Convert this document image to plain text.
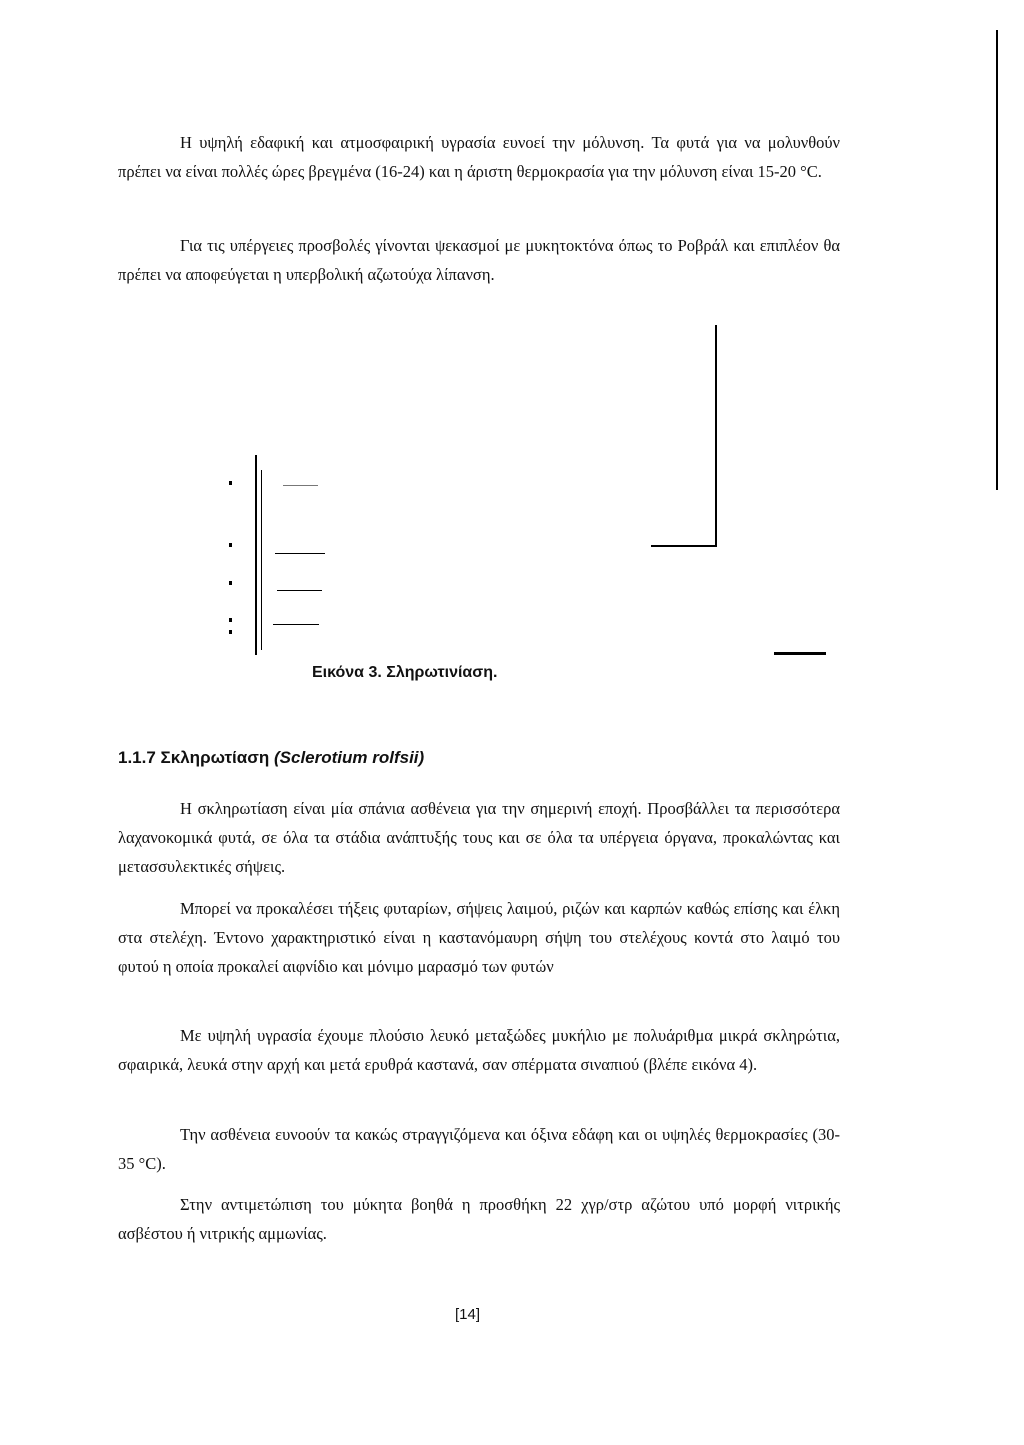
Η υψηλή εδαφική και ατμοσφαιρική υγρασία ευνοεί την μόλυνση. Τα φυτά για να μολυνθούν πρέπει να είναι πολλές ώρες βρεγμένα (16-24) και η άριστη θερμοκρασία για την μόλυνση είναι 15-20 °C.

Για τις υπέργειες προσβολές γίνονται ψεκασμοί με μυκητοκτόνα όπως το Ροβράλ και επιπλέον θα πρέπει να αποφεύγεται η υπερβολική αζωτούχα λίπανση.

Εικόνα 3. Σληρωτινίαση.

1.1.7 Σκληρωτίαση (Sclerotium rolfsii)

Η σκληρωτίαση είναι μία σπάνια ασθένεια για την σημερινή εποχή. Προσβάλλει τα περισσότερα λαχανοκομικά φυτά, σε όλα τα στάδια ανάπτυξής τους και σε όλα τα υπέργεια όργανα, προκαλώντας και μετασσυλεκτικές σήψεις.

Μπορεί να προκαλέσει τήξεις φυταρίων, σήψεις λαιμού, ριζών και καρπών καθώς επίσης και έλκη στα στελέχη. Έντονο χαρακτηριστικό είναι η καστανόμαυρη σήψη του στελέχους κοντά στο λαιμό του φυτού η οποία προκαλεί αιφνίδιο και μόνιμο μαρασμό των φυτών

Με υψηλή υγρασία έχουμε πλούσιο λευκό μεταξώδες μυκήλιο με πολυάριθμα μικρά σκληρώτια, σφαιρικά, λευκά στην αρχή και μετά ερυθρά καστανά, σαν σπέρματα σιναπιού (βλέπε εικόνα 4).

Την ασθένεια ευνοούν τα κακώς στραγγιζόμενα και όξινα εδάφη και οι υψηλές θερμοκρασίες (30-35 °C).

Στην αντιμετώπιση του μύκητα βοηθά η προσθήκη 22 χγρ/στρ αζώτου υπό μορφή νιτρικής ασβέστου ή νιτρικής αμμωνίας.

[14]
